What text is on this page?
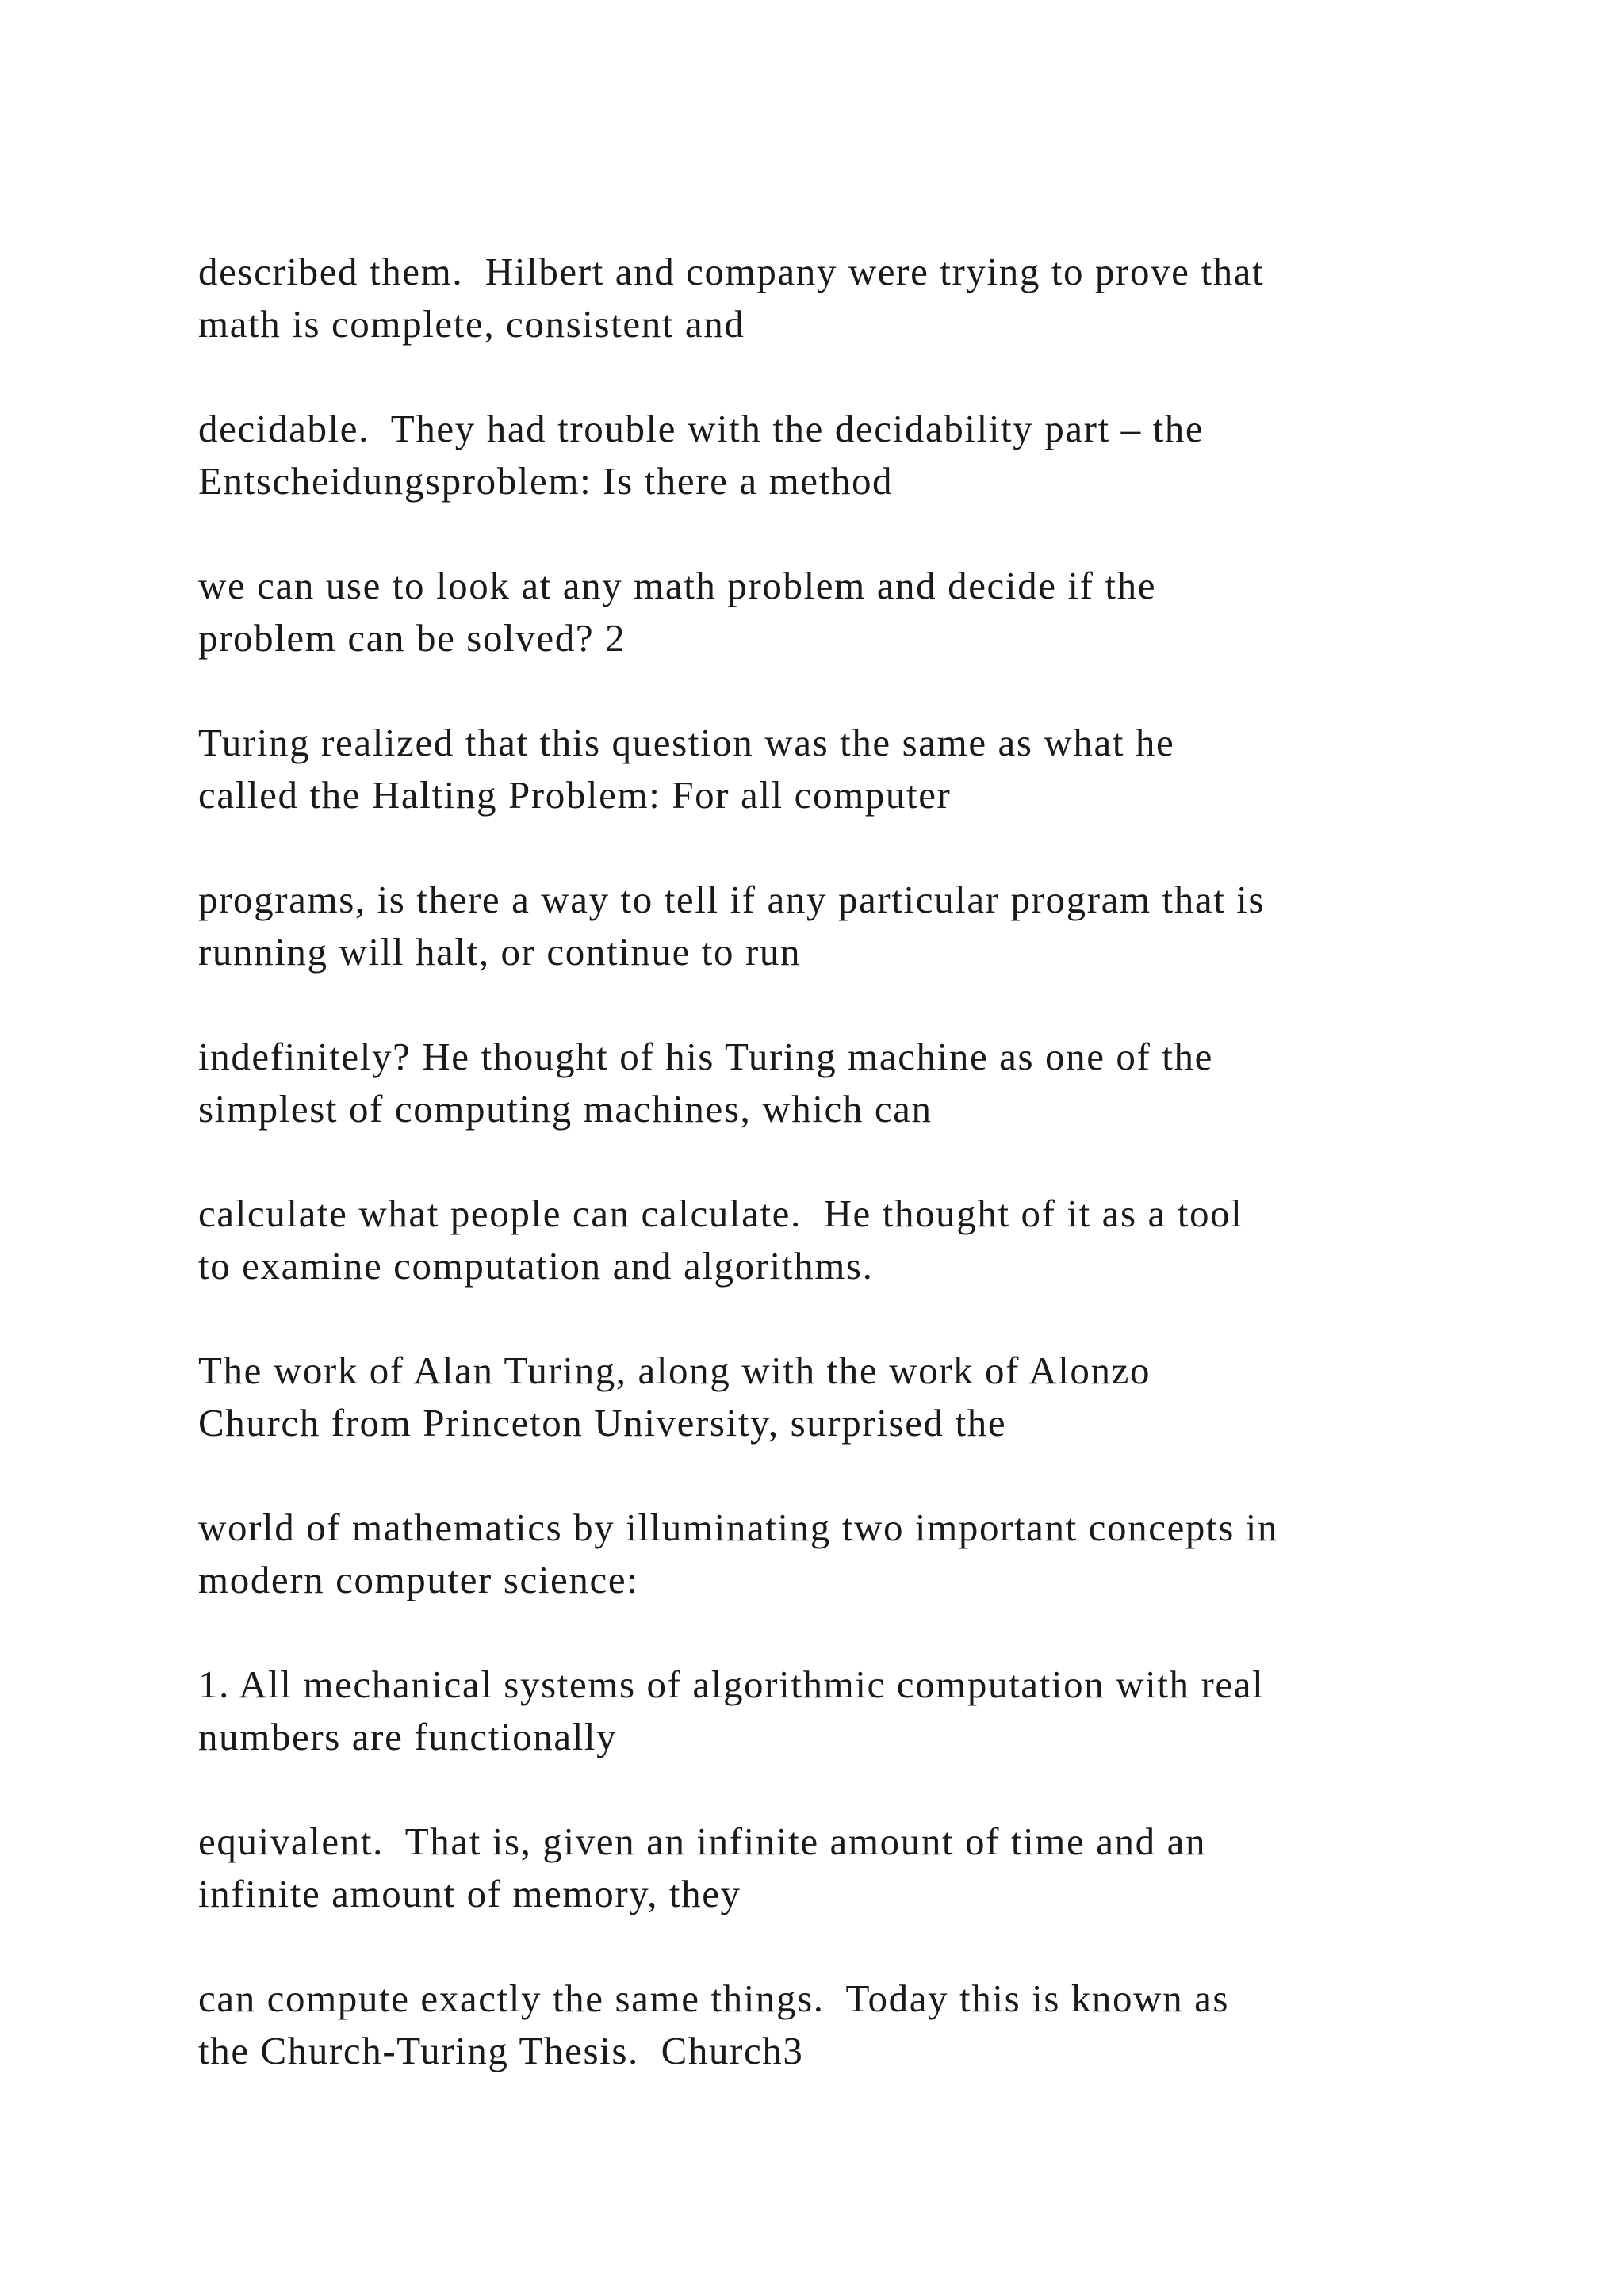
described them.  Hilbert and company were trying to prove that
math is complete, consistent and

decidable.  They had trouble with the decidability part – the
Entscheidungsproblem: Is there a method

we can use to look at any math problem and decide if the
problem can be solved? 2

Turing realized that this question was the same as what he
called the Halting Problem: For all computer

programs, is there a way to tell if any particular program that is
running will halt, or continue to run

indefinitely? He thought of his Turing machine as one of the
simplest of computing machines, which can

calculate what people can calculate.  He thought of it as a tool
to examine computation and algorithms.

The work of Alan Turing, along with the work of Alonzo
Church from Princeton University, surprised the

world of mathematics by illuminating two important concepts in
modern computer science:

1. All mechanical systems of algorithmic computation with real
numbers are functionally

equivalent.  That is, given an infinite amount of time and an
infinite amount of memory, they

can compute exactly the same things.  Today this is known as
the Church-Turing Thesis.  Church3
